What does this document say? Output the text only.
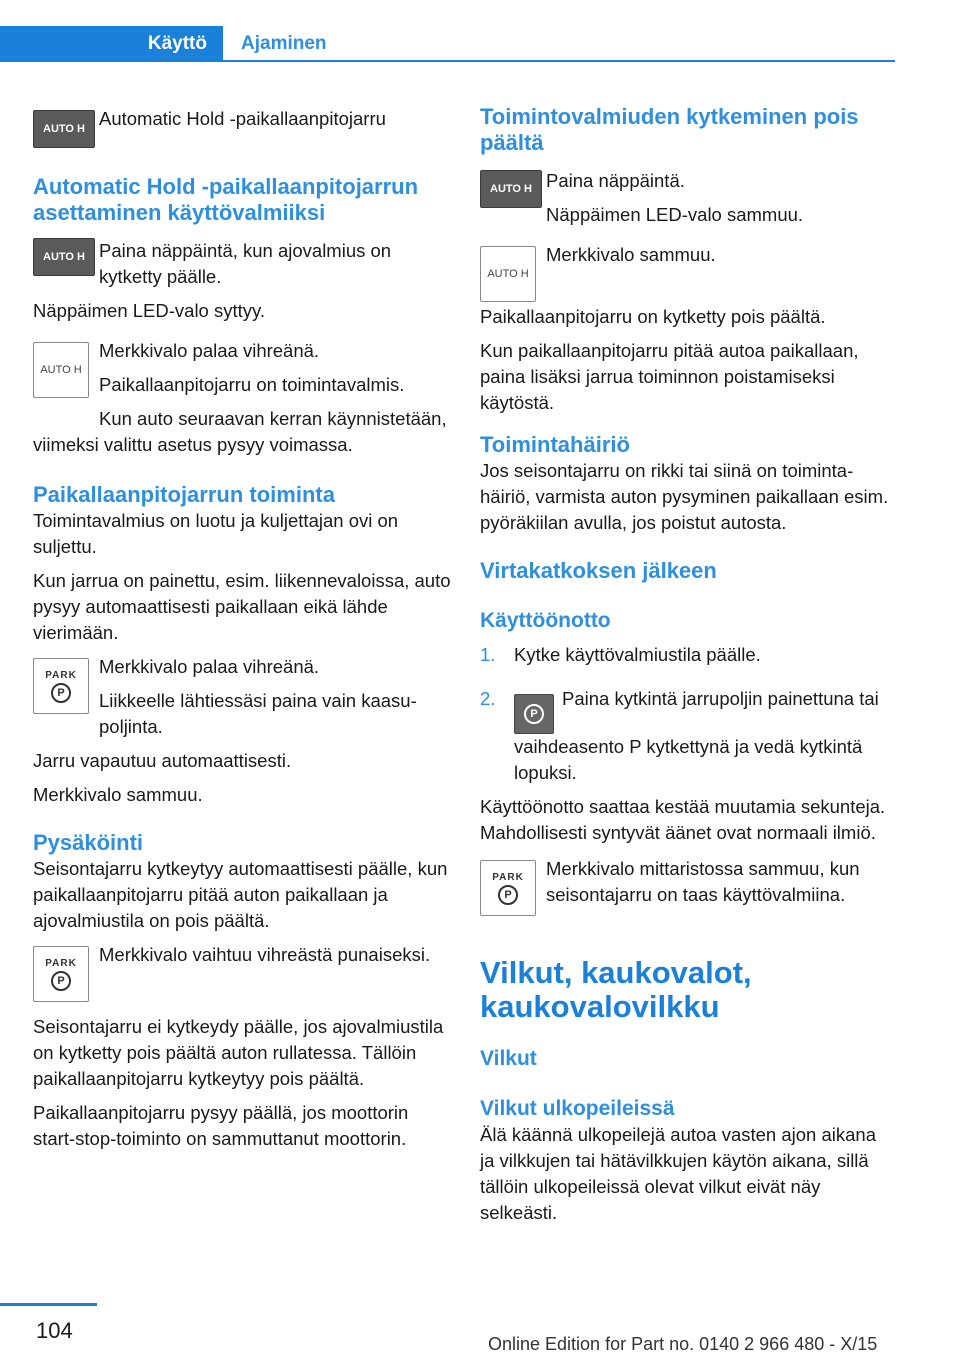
Käyttö	Ajaminen
AUTO H Automatic Hold -paikallaanpitojarru

Automatic Hold -paikallaanpitojarrun asettaminen käyttövalmiiksi

AUTO H Paina näppäintä, kun ajovalmius on kytketty päälle.

Näppäimen LED-valo syttyy.

AUTO H

Merkkivalo palaa vihreänä.

Paikallaanpitojarru on toimintavalmis.

Kun auto seuraavan kerran käynnistetään, viimeksi valittu asetus pysyy voimassa.

Paikallaanpitojarrun toiminta

Toimintavalmius on luotu ja kuljettajan ovi on suljettu.

Kun jarrua on painettu, esim. liikennevaloissa, auto pysyy automaattisesti paikallaan eikä lähde vierimään.

PARK
P

Merkkivalo palaa vihreänä.

Liikkeelle lähtiessäsi paina vain kaasupoljinta.

Jarru vapautuu automaattisesti.

Merkkivalo sammuu.

Pysäköinti

Seisontajarru kytkeytyy automaattisesti päälle, kun paikallaanpitojarru pitää auton paikallaan ja ajovalmiustila on pois päältä.

PARK
P

Merkkivalo vaihtuu vihreästä punaiseksi.

Seisontajarru ei kytkeydy päälle, jos ajovalmiustila on kytketty pois päältä auton rullatessa. Tällöin paikallaanpitojarru kytkeytyy pois päältä.

Paikallaanpitojarru pysyy päällä, jos moottorin start-stop-toiminto on sammuttanut moottorin.

Toimintovalmiuden kytkeminen pois päältä

AUTO H Paina näppäintä.

Näppäimen LED-valo sammuu.

AUTO H

Merkkivalo sammuu.

Paikallaanpitojarru on kytketty pois päältä.

Kun paikallaanpitojarru pitää autoa paikallaan, paina lisäksi jarrua toiminnon poistamiseksi käytöstä.

Toimintahäiriö

Jos seisontajarru on rikki tai siinä on toimintahäiriö, varmista auton pysyminen paikallaan esim. pyöräkiilan avulla, jos poistut autosta.

Virtakatkoksen jälkeen

Käyttöönotto

1. Kytke käyttövalmiustila päälle.
2.
P
Paina kytkintä jarrupoljin painettuna tai vaihdeasento P kytkettynä ja vedä kytkintä lopuksi.

Käyttöönotto saattaa kestää muutamia sekunteja. Mahdollisesti syntyvät äänet ovat normaali ilmiö.

PARK
P

Merkkivalo mittaristossa sammuu, kun seisontajarru on taas käyttövalmiina.

Vilkut, kaukovalot, kaukovalovilkku

Vilkut

Vilkut ulkopeileissä

Älä käännä ulkopeilejä autoa vasten ajon aikana ja vilkkujen tai hätävilkkujen käytön aikana, sillä tällöin ulkopeileissä olevat vilkut eivät näy selkeästi.

104
Online Edition for Part no. 0140 2 966 480 - X/15
